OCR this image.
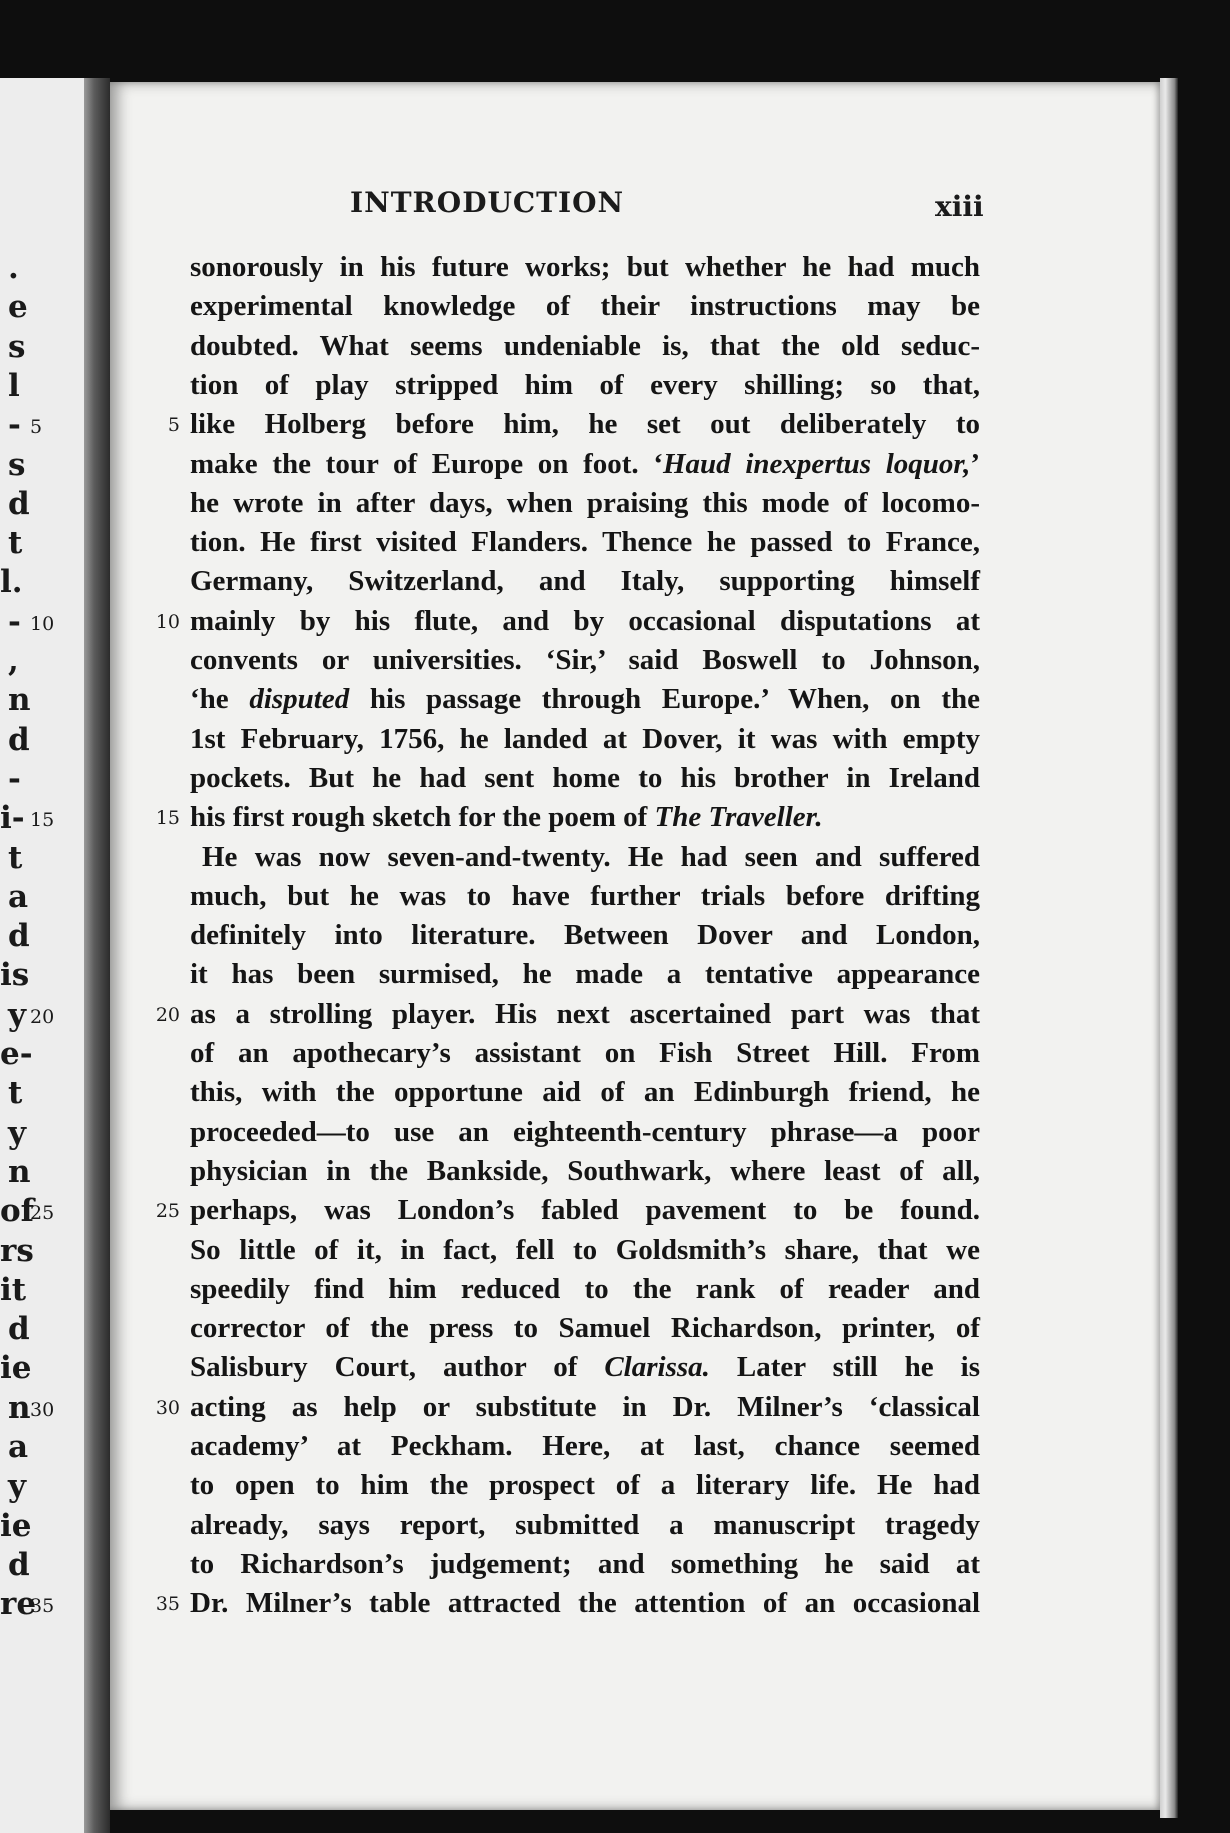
INTRODUCTION	xiii
sonorously in his future works; but whether he had much
experimental knowledge of their instructions may be
doubted. What seems undeniable is, that the old seduc-
tion of play stripped him of every shilling; so that,
like Holberg before him, he set out deliberately to
5
make the tour of Europe on foot. ‘Haud inexpertus loquor,’
he wrote in after days, when praising this mode of locomo-
tion. He first visited Flanders. Thence he passed to France,
Germany, Switzerland, and Italy, supporting himself
mainly by his flute, and by occasional disputations at
10
convents or universities. ‘Sir,’ said Boswell to Johnson,
‘he disputed his passage through Europe.’ When, on the
1st February, 1756, he landed at Dover, it was with empty
pockets. But he had sent home to his brother in Ireland
his first rough sketch for the poem of The Traveller.
15
He was now seven-and-twenty. He had seen and suffered
much, but he was to have further trials before drifting
definitely into literature. Between Dover and London,
it has been surmised, he made a tentative appearance
as a strolling player. His next ascertained part was that
20
of an apothecary’s assistant on Fish Street Hill. From
this, with the opportune aid of an Edinburgh friend, he
proceeded—to use an eighteenth-century phrase—a poor
physician in the Bankside, Southwark, where least of all,
perhaps, was London’s fabled pavement to be found.
25
So little of it, in fact, fell to Goldsmith’s share, that we
speedily find him reduced to the rank of reader and
corrector of the press to Samuel Richardson, printer, of
Salisbury Court, author of Clarissa. Later still he is
acting as help or substitute in Dr. Milner’s ‘classical
30
academy’ at Peckham. Here, at last, chance seemed
to open to him the prospect of a literary life. He had
already, says report, submitted a manuscript tragedy
to Richardson’s judgement; and something he said at
Dr. Milner’s table attracted the attention of an occasional
35
.
e
s
l
-
s
d
t
l.
-
,
n
d
-
i-
t
a
d
is
y
e-
t
y
n
of
rs
it
d
ie
n
a
y
ie
d
re
5
10
15
20
25
30
35
